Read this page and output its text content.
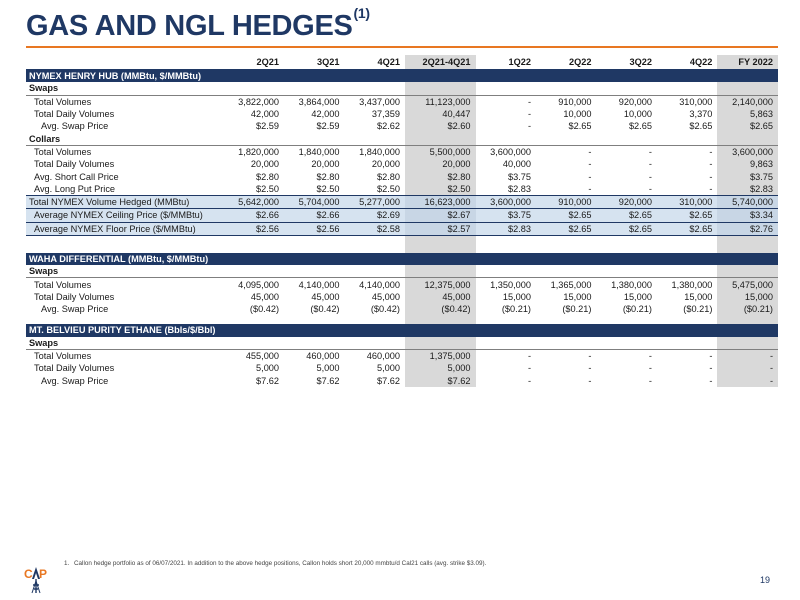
GAS AND NGL HEDGES$^{(1)}$
	2Q21	3Q21	4Q21	2Q21-4Q21	1Q22	2Q22	3Q22	4Q22	FY 2022
NYMEX HENRY HUB (MMBtu, $/MMBtu)									
Swaps									
Total Volumes	3,822,000	3,864,000	3,437,000	11,123,000	-	910,000	920,000	310,000	2,140,000
Total Daily Volumes	42,000	42,000	37,359	40,447	-	10,000	10,000	3,370	5,863
Avg. Swap Price	$2.59	$2.59	$2.62	$2.60	-	$2.65	$2.65	$2.65	$2.65
Collars									
Total Volumes	1,820,000	1,840,000	1,840,000	5,500,000	3,600,000	-	-	-	3,600,000
Total Daily Volumes	20,000	20,000	20,000	20,000	40,000	-	-	-	9,863
Avg. Short Call Price	$2.80	$2.80	$2.80	$2.80	$3.75	-	-	-	$3.75
Avg. Long Put Price	$2.50	$2.50	$2.50	$2.50	$2.83	-	-	-	$2.83
Total NYMEX Volume Hedged (MMBtu)	5,642,000	5,704,000	5,277,000	16,623,000	3,600,000	910,000	920,000	310,000	5,740,000
Average NYMEX Ceiling Price ($/MMBtu)	$2.66	$2.66	$2.69	$2.67	$3.75	$2.65	$2.65	$2.65	$3.34
Average NYMEX Floor Price ($/MMBtu)	$2.56	$2.56	$2.58	$2.57	$2.83	$2.65	$2.65	$2.65	$2.76

WAHA DIFFERENTIAL (MMBtu, $/MMBtu)									
Swaps									
Total Volumes	4,095,000	4,140,000	4,140,000	12,375,000	1,350,000	1,365,000	1,380,000	1,380,000	5,475,000
Total Daily Volumes	45,000	45,000	45,000	45,000	15,000	15,000	15,000	15,000	15,000
Avg. Swap Price	($0.42)	($0.42)	($0.42)	($0.42)	($0.21)	($0.21)	($0.21)	($0.21)	($0.21)

MT. BELVIEU PURITY ETHANE (Bbls/$/Bbl)									
Swaps									
Total Volumes	455,000	460,000	460,000	1,375,000	-	-	-	-	-
Total Daily Volumes	5,000	5,000	5,000	5,000	-	-	-	-	-
Avg. Swap Price	$7.62	$7.62	$7.62	$7.62	-	-	-	-	-
1. Callon hedge portfolio as of 06/07/2021. In addition to the above hedge positions, Callon holds short 20,000 mmbtu/d Cal21 calls (avg. strike $3.09).
C P	19
